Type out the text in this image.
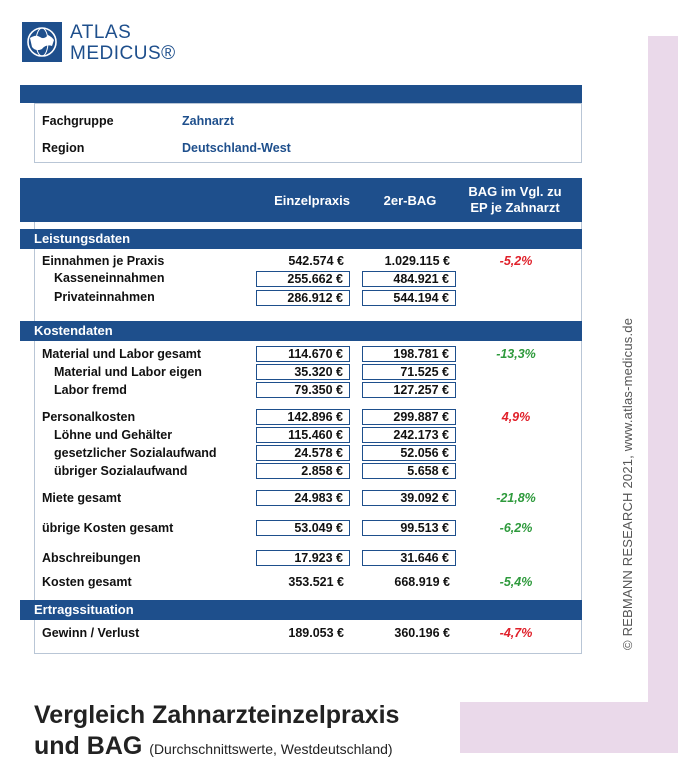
ATLAS
MEDICUS®
© REBMANN RESEARCH 2021, www.atlas-medicus.de
Fachgruppe	Zahnarzt
Region	Deutschland-West
Einzelpraxis	2er-BAG
BAG im Vgl. zu
EP je Zahnarzt
Leistungsdaten
Einnahmen je Praxis	542.574 €	1.029.115 €	-5,2%
Kasseneinnahmen	255.662 €	484.921 €
Privateinnahmen	286.912 €	544.194 €
Kostendaten
Material und Labor gesamt	114.670 €	198.781 €	-13,3%
Material und Labor eigen	35.320 €	71.525 €
Labor fremd	79.350 €	127.257 €
Personalkosten	142.896 €	299.887 €	4,9%
Löhne und Gehälter	115.460 €	242.173 €
gesetzlicher Sozialaufwand	24.578 €	52.056 €
übriger Sozialaufwand	2.858 €	5.658 €
Miete gesamt	24.983 €	39.092 €	-21,8%
übrige Kosten gesamt	53.049 €	99.513 €	-6,2%
Abschreibungen	17.923 €	31.646 €
Kosten gesamt	353.521 €	668.919 €	-5,4%
Ertragssituation
Gewinn / Verlust	189.053 €	360.196 €	-4,7%
Vergleich Zahnarzteinzelpraxis
und BAG (Durchschnittswerte, Westdeutschland)
